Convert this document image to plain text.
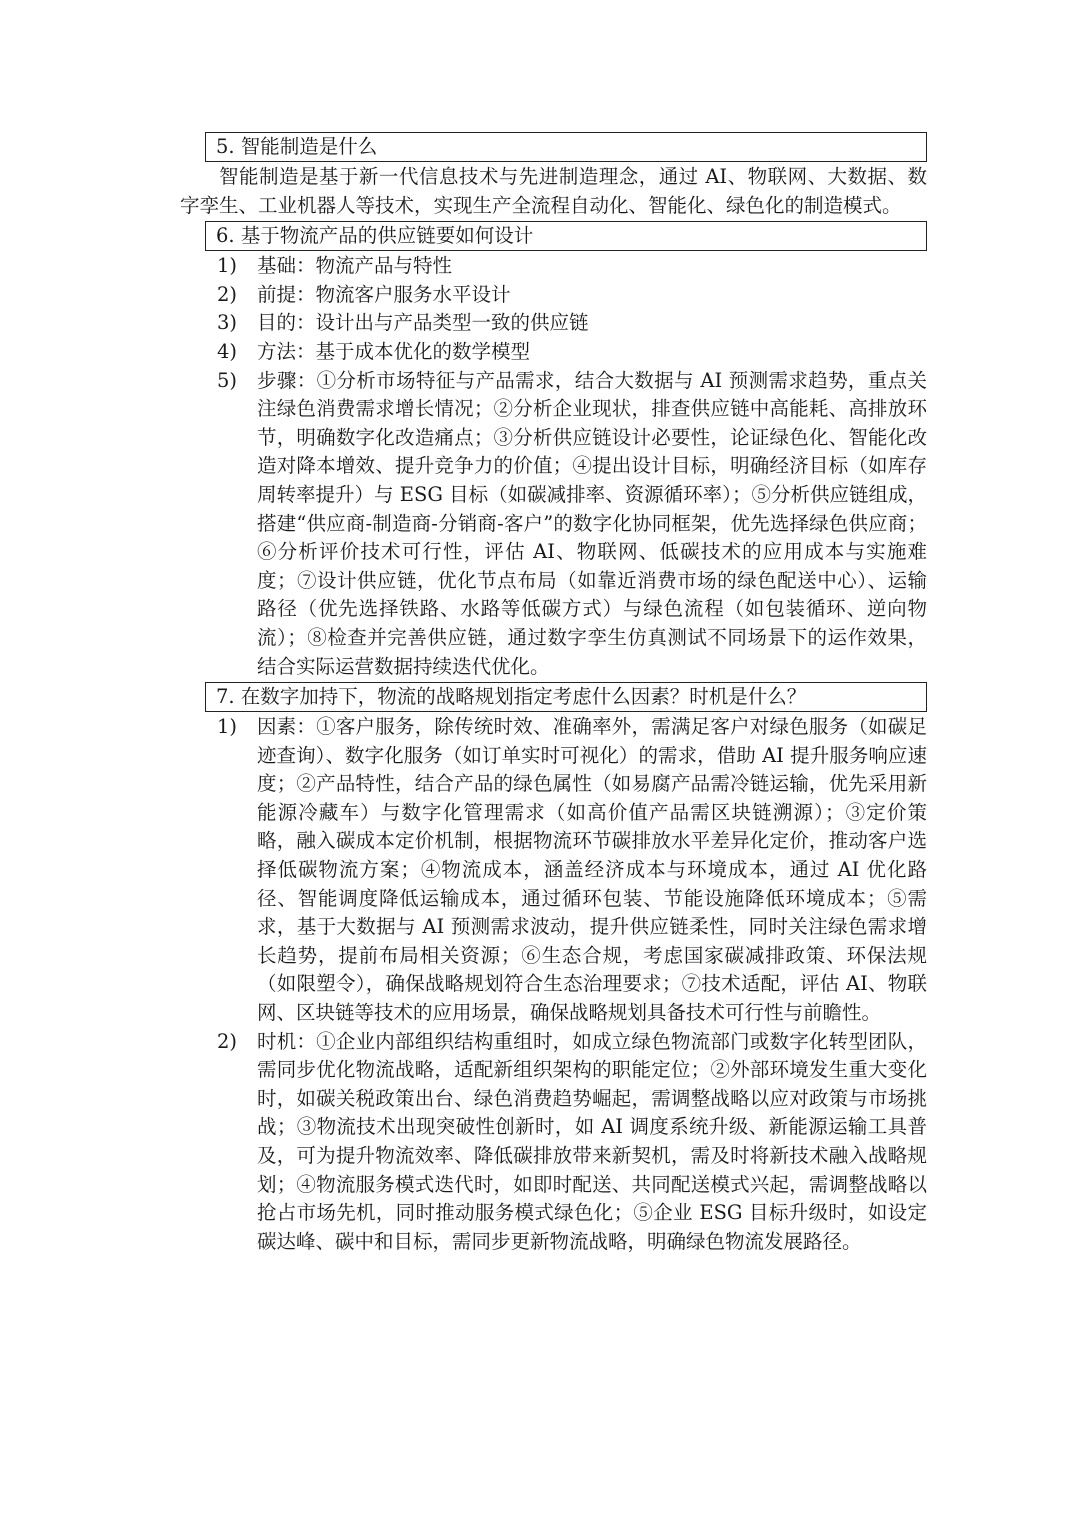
5. 智能制造是什么

智能制造是基于新一代信息技术与先进制造理念，通过 AI、物联网、大数据、数字孪生、工业机器人等技术，实现生产全流程自动化、智能化、绿色化的制造模式。

6. 基于物流产品的供应链要如何设计
1)	基础：物流产品与特性
2)	前提：物流客户服务水平设计
3)	目的：设计出与产品类型一致的供应链
4)	方法：基于成本优化的数学模型
5)	步骤：①分析市场特征与产品需求，结合大数据与 AI 预测需求趋势，重点关注绿色消费需求增长情况；②分析企业现状，排查供应链中高能耗、高排放环节，明确数字化改造痛点；③分析供应链设计必要性，论证绿色化、智能化改造对降本增效、提升竞争力的价值；④提出设计目标，明确经济目标（如库存周转率提升）与 ESG 目标（如碳减排率、资源循环率）；⑤分析供应链组成，搭建“供应商-制造商-分销商-客户”的数字化协同框架，优先选择绿色供应商；⑥分析评价技术可行性，评估 AI、物联网、低碳技术的应用成本与实施难度；⑦设计供应链，优化节点布局（如靠近消费市场的绿色配送中心）、运输路径（优先选择铁路、水路等低碳方式）与绿色流程（如包装循环、逆向物流）；⑧检查并完善供应链，通过数字孪生仿真测试不同场景下的运作效果，结合实际运营数据持续迭代优化。
7. 在数字加持下，物流的战略规划指定考虑什么因素？时机是什么？
1)	因素：①客户服务，除传统时效、准确率外，需满足客户对绿色服务（如碳足迹查询）、数字化服务（如订单实时可视化）的需求，借助 AI 提升服务响应速度；②产品特性，结合产品的绿色属性（如易腐产品需冷链运输，优先采用新能源冷藏车）与数字化管理需求（如高价值产品需区块链溯源）；③定价策略，融入碳成本定价机制，根据物流环节碳排放水平差异化定价，推动客户选择低碳物流方案；④物流成本，涵盖经济成本与环境成本，通过 AI 优化路径、智能调度降低运输成本，通过循环包装、节能设施降低环境成本；⑤需求，基于大数据与 AI 预测需求波动，提升供应链柔性，同时关注绿色需求增长趋势，提前布局相关资源；⑥生态合规，考虑国家碳减排政策、环保法规（如限塑令），确保战略规划符合生态治理要求；⑦技术适配，评估 AI、物联网、区块链等技术的应用场景，确保战略规划具备技术可行性与前瞻性。
2)	时机：①企业内部组织结构重组时，如成立绿色物流部门或数字化转型团队，需同步优化物流战略，适配新组织架构的职能定位；②外部环境发生重大变化时，如碳关税政策出台、绿色消费趋势崛起，需调整战略以应对政策与市场挑战；③物流技术出现突破性创新时，如 AI 调度系统升级、新能源运输工具普及，可为提升物流效率、降低碳排放带来新契机，需及时将新技术融入战略规划；④物流服务模式迭代时，如即时配送、共同配送模式兴起，需调整战略以抢占市场先机，同时推动服务模式绿色化；⑤企业 ESG 目标升级时，如设定碳达峰、碳中和目标，需同步更新物流战略，明确绿色物流发展路径。
